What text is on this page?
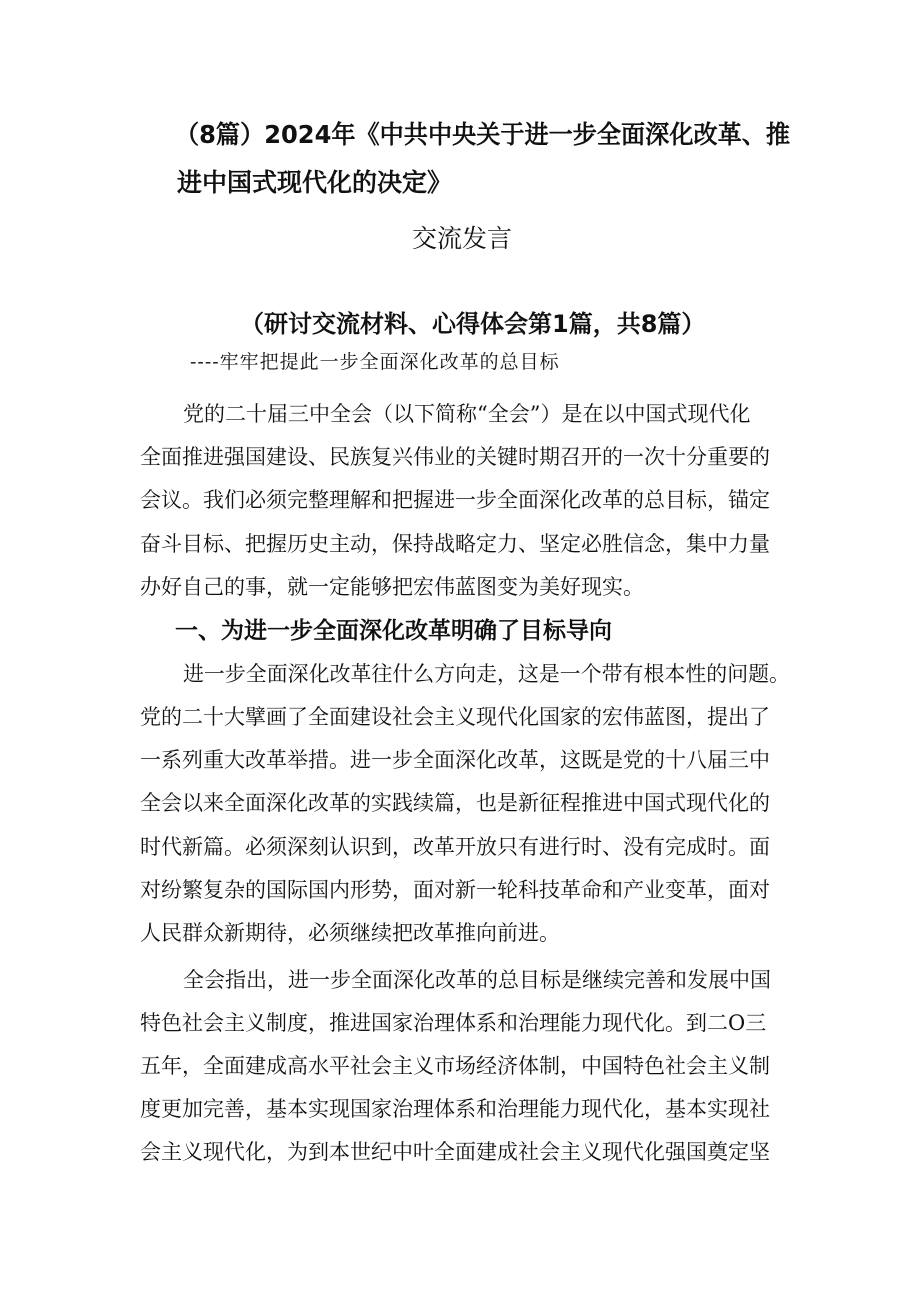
（8篇）2024年《中共中央关于进一步全面深化改革、推
进中国式现代化的决定》
交流发言
（研讨交流材料、心得体会第1篇，共8篇）
----牢牢把提此一步全面深化改革的总目标
党的二十届三中全会（以下简称“全会”）是在以中国式现代化
全面推进强国建设、民族复兴伟业的关键时期召开的一次十分重要的
会议。我们必须完整理解和把握进一步全面深化改革的总目标，锚定
奋斗目标、把握历史主动，保持战略定力、坚定必胜信念，集中力量
办好自己的事，就一定能够把宏伟蓝图变为美好现实。
一、为进一步全面深化改革明确了目标导向
进一步全面深化改革往什么方向走，这是一个带有根本性的问题。
党的二十大擘画了全面建设社会主义现代化国家的宏伟蓝图，提出了
一系列重大改革举措。进一步全面深化改革，这既是党的十八届三中
全会以来全面深化改革的实践续篇，也是新征程推进中国式现代化的
时代新篇。必须深刻认识到，改革开放只有进行时、没有完成时。面
对纷繁复杂的国际国内形势，面对新一轮科技革命和产业变革，面对
人民群众新期待，必须继续把改革推向前进。
全会指出，进一步全面深化改革的总目标是继续完善和发展中国
特色社会主义制度，推进国家治理体系和治理能力现代化。到二O三
五年，全面建成高水平社会主义市场经济体制，中国特色社会主义制
度更加完善，基本实现国家治理体系和治理能力现代化，基本实现社
会主义现代化，为到本世纪中叶全面建成社会主义现代化强国奠定坚
